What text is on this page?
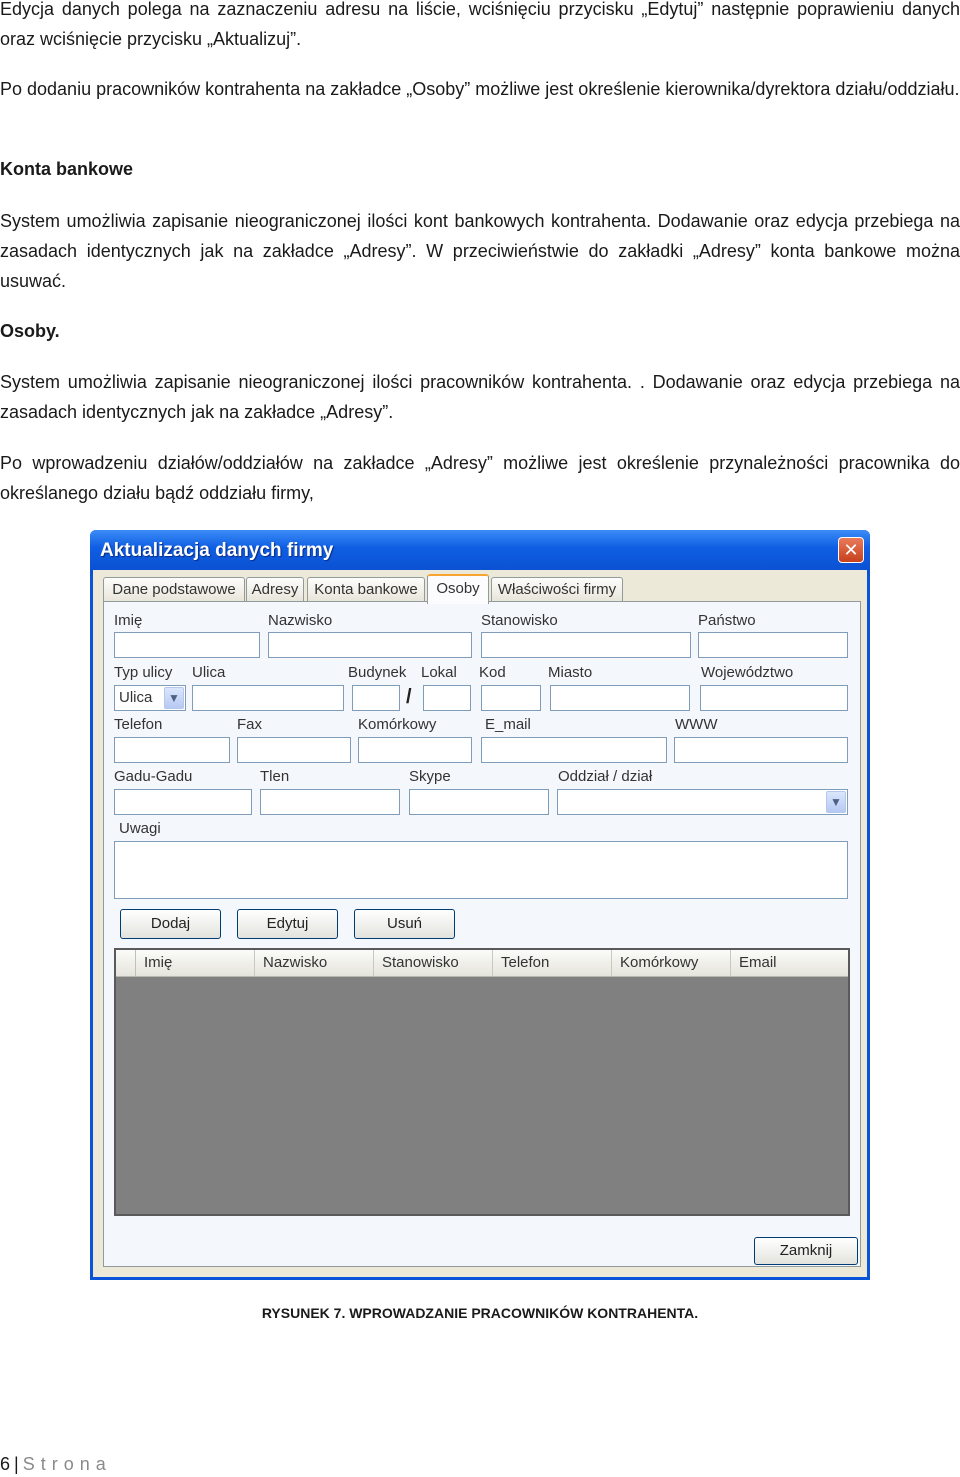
Edycja danych polega na zaznaczeniu adresu na liście, wciśnięciu przycisku „Edytuj” następnie poprawieniu danych oraz wciśnięcie przycisku „Aktualizuj”.

Po dodaniu pracowników kontrahenta na zakładce „Osoby” możliwe jest określenie kierownika/dyrektora działu/oddziału.

Konta bankowe

System umożliwia zapisanie nieograniczonej ilości kont bankowych kontrahenta. Dodawanie oraz edycja przebiega na zasadach identycznych jak na zakładce „Adresy”. W przeciwieństwie do zakładki „Adresy” konta bankowe można usuwać.

Osoby.

System umożliwia zapisanie nieograniczonej ilości pracowników kontrahenta. . Dodawanie oraz edycja przebiega na zasadach identycznych jak na zakładce „Adresy”.

Po wprowadzeniu działów/oddziałów na zakładce „Adresy” możliwe jest określenie przynależności pracownika do określanego działu bądź oddziału firmy,

Aktualizacja danych firmy	✕
Dane podstawowe	Adresy	Konta bankowe	Osoby	Właściwości firmy
Imię	Nazwisko	Stanowisko	Państwo
Typ ulicy Ulica	Budynek Lokal Kod	Miasto	Województwo
Ulica	▼	/
Telefon	Fax	Komórkowy	E_mail	WWW
Gadu-Gadu	Tlen	Skype	Oddział / dział
▼
Uwagi
Dodaj	Edytuj	Usuń
Imię	Nazwisko	Stanowisko	Telefon	Komórkowy	Email
Zamknij
RYSUNEK 7. WPROWADZANIE PRACOWNIKÓW KONTRAHENTA.
6 | Strona
